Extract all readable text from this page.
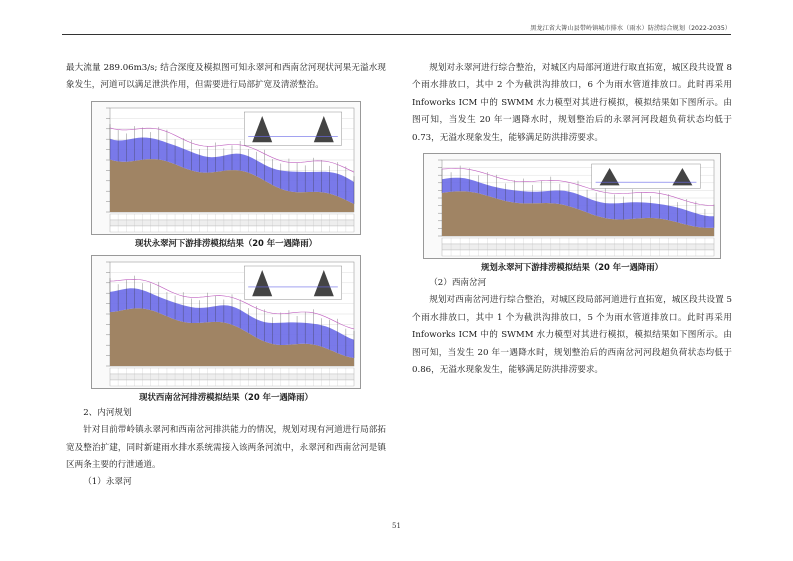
黑龙江省大箐山县带岭镇城市排水（雨水）防涝综合规划（2022-2035）

最大流量 289.06m3/s; 结合深度及模拟图可知永翠河和西南岔河现状河果无溢水现象发生，河道可以满足泄洪作用，但需要进行局部扩宽及清淤整治。

现状永翠河下游排涝模拟结果（20 年一遇降雨）
现状西南岔河排涝模拟结果（20 年一遇降雨）

2、内河规划

针对目前带岭镇永翠河和西南岔河排洪能力的情况，规划对现有河道进行局部拓宽及整治扩建，同时新建雨水排水系统需接入该两条河流中，永翠河和西南岔河是镇区两条主要的行泄通道。

（1）永翠河

规划对永翠河进行综合整治，对城区内局部河道进行取直拓宽，城区段共设置 8 个雨水排放口，其中 2 个为截洪沟排放口，6 个为雨水管道排放口。此时再采用 Infoworks ICM 中的 SWMM 水力模型对其进行模拟，模拟结果如下图所示。由图可知，当发生 20 年一遇降水时，规划整治后的永翠河河段超负荷状态均低于 0.73，无溢水现象发生，能够满足防洪排涝要求。

规划永翠河下游排涝模拟结果（20 年一遇降雨）

（2）西南岔河

规划对西南岔河进行综合整治，对城区段局部河道进行直拓宽，城区段共设置 5 个雨水排放口，其中 1 个为截洪沟排放口，5 个为雨水管道排放口。此时再采用 Infoworks ICM 中的 SWMM 水力模型对其进行模拟，模拟结果如下图所示。由图可知，当发生 20 年一遇降水时，规划整治后的西南岔河河段超负荷状态均低于 0.86，无溢水现象发生，能够满足防洪排涝要求。

51
